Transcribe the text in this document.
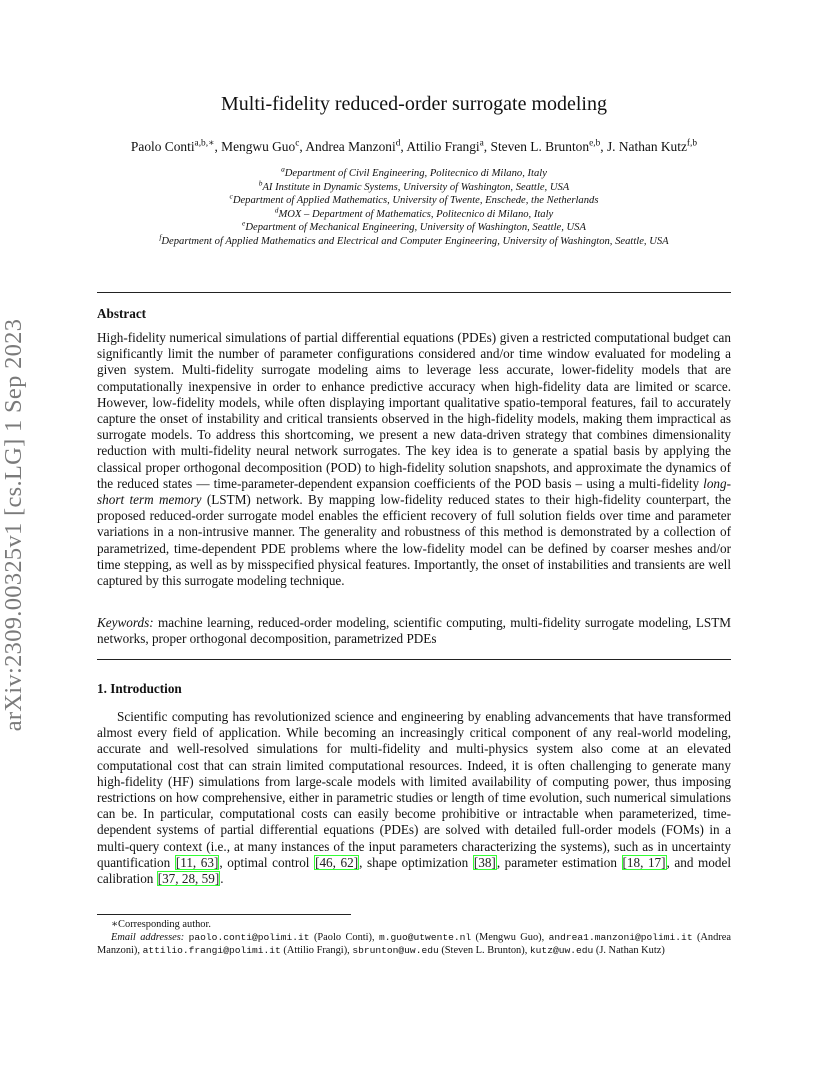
Multi-fidelity reduced-order surrogate modeling
Paolo Conti$^{a,b,∗}$, Mengwu Guo$^c$, Andrea Manzoni$^d$, Attilio Frangi$^a$, Steven L. Brunton$^{e,b}$, J. Nathan Kutz$^{f,b}$
$^a$Department of Civil Engineering, Politecnico di Milano, Italy
$^b$AI Institute in Dynamic Systems, University of Washington, Seattle, USA
$^c$Department of Applied Mathematics, University of Twente, Enschede, the Netherlands
$^d$MOX – Department of Mathematics, Politecnico di Milano, Italy
$^e$Department of Mechanical Engineering, University of Washington, Seattle, USA
$^f$Department of Applied Mathematics and Electrical and Computer Engineering, University of Washington, Seattle, USA
arXiv:2309.00325v1 [cs.LG] 1 Sep 2023
Abstract
High-fidelity numerical simulations of partial differential equations (PDEs) given a restricted computational budget can significantly limit the number of parameter configurations considered and/or time window evaluated for modeling a given system. Multi-fidelity surrogate modeling aims to leverage less accurate, lower-fidelity models that are computationally inexpensive in order to enhance predictive accuracy when high-fidelity data are limited or scarce. However, low-fidelity models, while often displaying important qualitative spatio-temporal features, fail to accurately capture the onset of instability and critical transients observed in the high-fidelity models, making them impractical as surrogate models. To address this shortcoming, we present a new data-driven strategy that combines dimensionality reduction with multi-fidelity neural network surrogates. The key idea is to generate a spatial basis by applying the classical proper orthogonal decomposition (POD) to high-fidelity solution snapshots, and approximate the dynamics of the reduced states — time-parameter-dependent expansion coefficients of the POD basis – using a multi-fidelity long-short term memory (LSTM) network. By mapping low-fidelity reduced states to their high-fidelity counterpart, the proposed reduced-order surrogate model enables the efficient recovery of full solution fields over time and parameter variations in a non-intrusive manner. The generality and robustness of this method is demonstrated by a collection of parametrized, time-dependent PDE problems where the low-fidelity model can be defined by coarser meshes and/or time stepping, as well as by misspecified physical features. Importantly, the onset of instabilities and transients are well captured by this surrogate modeling technique.
Keywords: machine learning, reduced-order modeling, scientific computing, multi-fidelity surrogate modeling, LSTM networks, proper orthogonal decomposition, parametrized PDEs
1. Introduction
Scientific computing has revolutionized science and engineering by enabling advancements that have transformed almost every field of application. While becoming an increasingly critical component of any real-world modeling, accurate and well-resolved simulations for multi-fidelity and multi-physics system also come at an elevated computational cost that can strain limited computational resources. Indeed, it is often challenging to generate many high-fidelity (HF) simulations from large-scale models with limited availability of computing power, thus imposing restrictions on how comprehensive, either in parametric studies or length of time evolution, such numerical simulations can be. In particular, computational costs can easily become prohibitive or intractable when parameterized, time-dependent systems of partial differential equations (PDEs) are solved with detailed full-order models (FOMs) in a multi-query context (i.e., at many instances of the input parameters characterizing the systems), such as in uncertainty quantification [11, 63], optimal control [46, 62], shape optimization [38], parameter estimation [18, 17], and model calibration [37, 28, 59].
∗Corresponding author.
Email addresses: paolo.conti@polimi.it (Paolo Conti), m.guo@utwente.nl (Mengwu Guo), andrea1.manzoni@polimi.it (Andrea Manzoni), attilio.frangi@polimi.it (Attilio Frangi), sbrunton@uw.edu (Steven L. Brunton), kutz@uw.edu (J. Nathan Kutz)
